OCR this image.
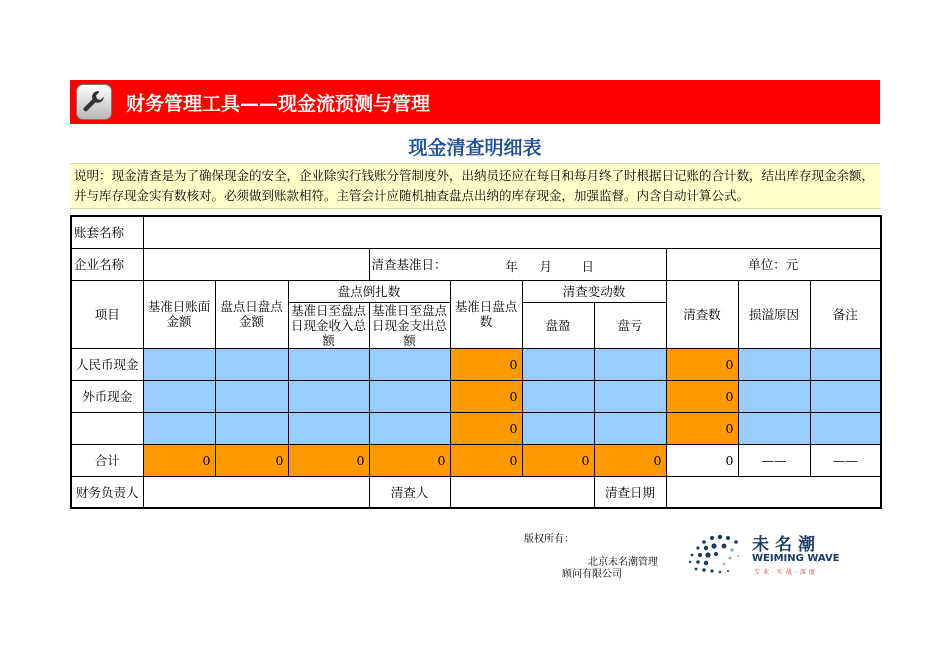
财务管理工具——现金流预测与管理
现金清查明细表
说明：现金清查是为了确保现金的安全，企业除实行钱账分管制度外，出纳员还应在每日和每月终了时根据日记账的合计数，结出库存现金余额，并与库存现金实有数核对。必须做到账款相符。主管会计应随机抽查盘点出纳的库存现金，加强监督。内含自动计算公式。
账套名称										
企业名称				清查基准日： 年 月 日				单位：元		
项目	基准日账面金额	盘点日盘点金额	盘点倒扎数		基准日盘点数	清查变动数		清查数	损溢原因	备注
			基准日至盘点日现金收入总额	基准日至盘点日现金支出总额		盘盈	盘亏			
人民币现金					0			0		
外币现金					0			0		
					0			0		
合计	0	0	0	0	0	0	0	0	——	——
财务负责人				清查人			清查日期			
版权所有：
北京未名潮管理
顾问有限公司
未名潮
WEIMING WAVE
专业·实战·深度
